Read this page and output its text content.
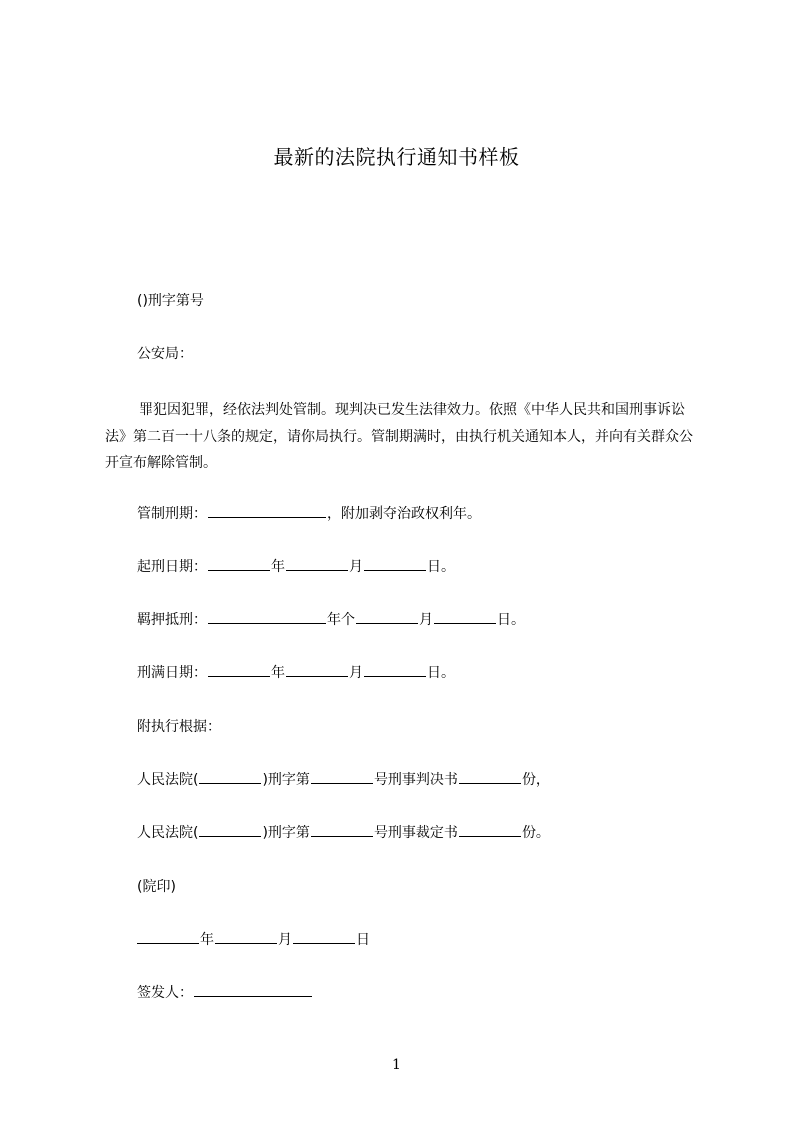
最新的法院执行通知书样板

()刑字第号

公安局：

罪犯因犯罪，经依法判处管制。现判决已发生法律效力。依照《中华人民共和国刑事诉讼法》第二百一十八条的规定，请你局执行。管制期满时，由执行机关通知本人，并向有关群众公开宣布解除管制。

管制刑期：	，附加剥夺治政权利年。

起刑日期：	年	月	日。

羁押抵刑：	年个	月	日。

刑满日期：	年	月	日。

附执行根据：

人民法院(	)刑字第	号刑事判决书	份，

人民法院(	)刑字第	号刑事裁定书	份。

(院印)

年	月	日

签发人：

1
